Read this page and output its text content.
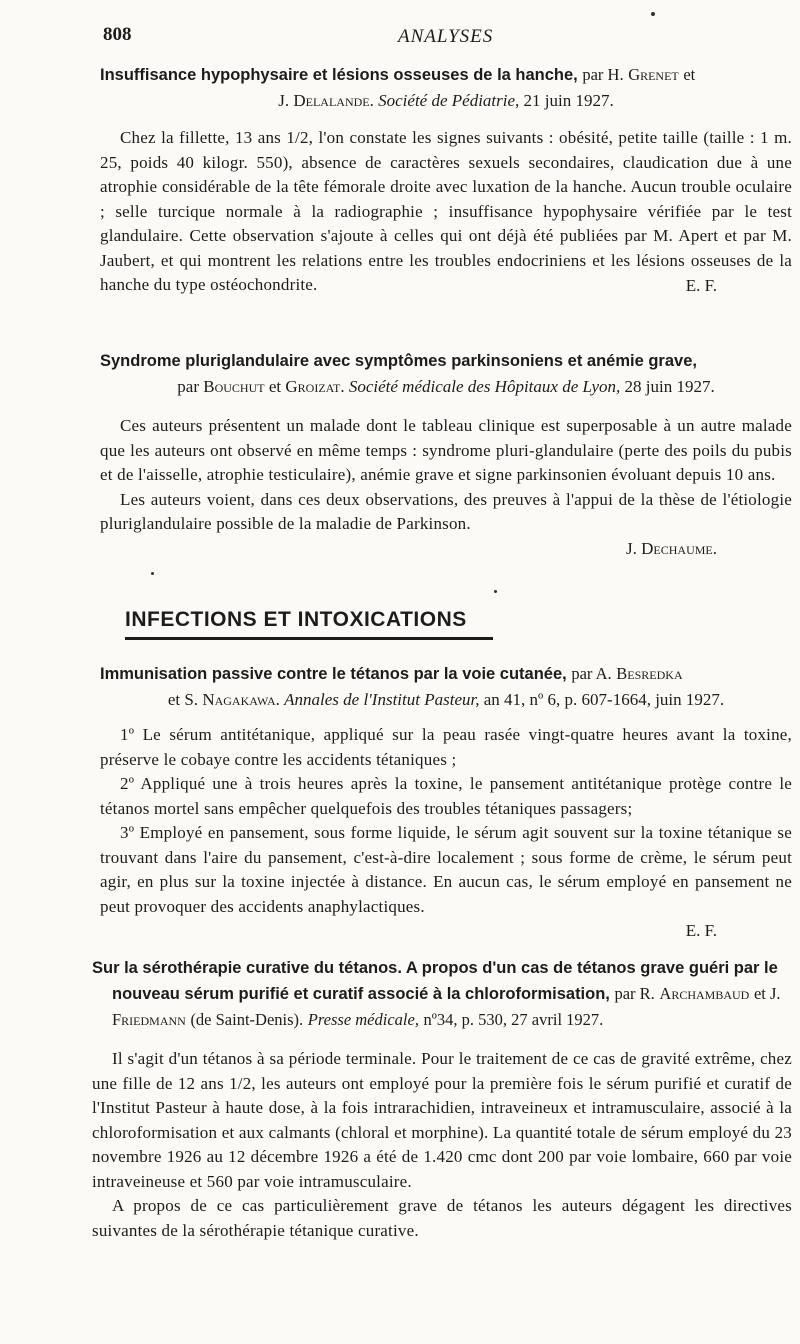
808	ANALYSES
Insuffisance hypophysaire et lésions osseuses de la hanche, par H. Grenet et
J. Delalande. Société de Pédiatrie, 21 juin 1927.

Chez la fillette, 13 ans 1/2, l'on constate les signes suivants : obésité, petite taille (taille : 1 m. 25, poids 40 kilogr. 550), absence de caractères sexuels secondaires, claudication due à une atrophie considérable de la tête fémorale droite avec luxation de la hanche. Aucun trouble oculaire ; selle turcique normale à la radiographie ; insuffisance hypophysaire vérifiée par le test glandulaire. Cette observation s'ajoute à celles qui ont déjà été publiées par M. Apert et par M. Jaubert, et qui montrent les relations entre les troubles endocriniens et les lésions osseuses de la hanche du type ostéochondrite.	E. F.
Syndrome pluriglandulaire avec symptômes parkinsoniens et anémie grave,
par Bouchut et Groizat. Société médicale des Hôpitaux de Lyon, 28 juin 1927.

Ces auteurs présentent un malade dont le tableau clinique est superposable à un autre malade que les auteurs ont observé en même temps : syndrome pluri-glandulaire (perte des poils du pubis et de l'aisselle, atrophie testiculaire), anémie grave et signe parkinsonien évoluant depuis 10 ans.

Les auteurs voient, dans ces deux observations, des preuves à l'appui de la thèse de l'étiologie pluriglandulaire possible de la maladie de Parkinson.

J. Dechaume.
INFECTIONS ET INTOXICATIONS
Immunisation passive contre le tétanos par la voie cutanée, par A. Besredka
et S. Nagakawa. Annales de l'Institut Pasteur, an 41, nº 6, p. 607-1664, juin 1927.

1º Le sérum antitétanique, appliqué sur la peau rasée vingt-quatre heures avant la toxine, préserve le cobaye contre les accidents tétaniques ;

2º Appliqué une à trois heures après la toxine, le pansement antitétanique protège contre le tétanos mortel sans empêcher quelquefois des troubles tétaniques passagers;

3º Employé en pansement, sous forme liquide, le sérum agit souvent sur la toxine tétanique se trouvant dans l'aire du pansement, c'est-à-dire localement ; sous forme de crème, le sérum peut agir, en plus sur la toxine injectée à distance. En aucun cas, le sérum employé en pansement ne peut provoquer des accidents anaphylactiques.

E. F.
Sur la sérothérapie curative du tétanos. A propos d'un cas de tétanos grave guéri par le nouveau sérum purifié et curatif associé à la chloroformisation, par R. Archambaud et J. Friedmann (de Saint-Denis). Presse médicale, nº34, p. 530, 27 avril 1927.

Il s'agit d'un tétanos à sa période terminale. Pour le traitement de ce cas de gravité extrême, chez une fille de 12 ans 1/2, les auteurs ont employé pour la première fois le sérum purifié et curatif de l'Institut Pasteur à haute dose, à la fois intrarachidien, intraveineux et intramusculaire, associé à la chloroformisation et aux calmants (chloral et morphine). La quantité totale de sérum employé du 23 novembre 1926 au 12 décembre 1926 a été de 1.420 cmc dont 200 par voie lombaire, 660 par voie intraveineuse et 560 par voie intramusculaire.

A propos de ce cas particulièrement grave de tétanos les auteurs dégagent les directives suivantes de la sérothérapie tétanique curative.
